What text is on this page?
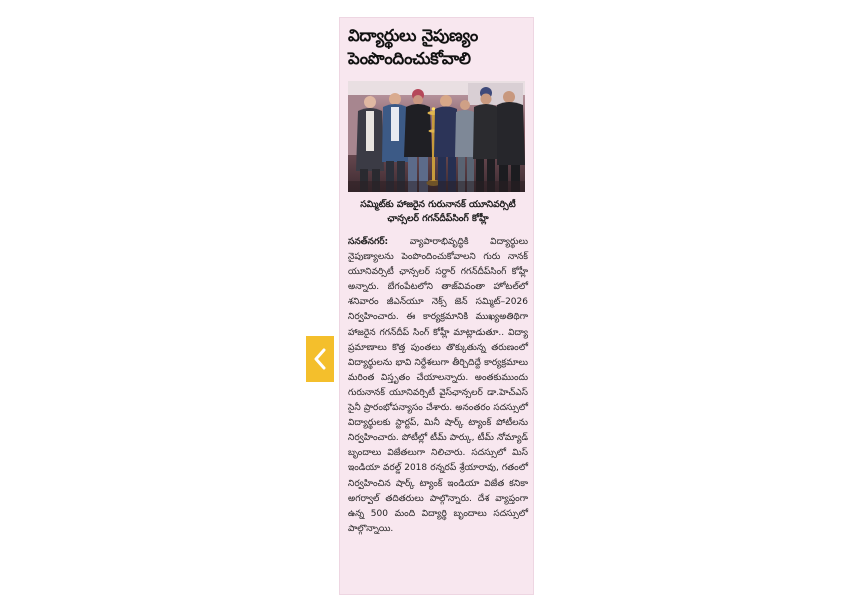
విద్యార్థులు నైపుణ్యం పెంపొందించుకోవాలి
సమ్మిట్‌కు హాజరైన గురునానక్ యూనివర్సిటీ ఛాన్సలర్ గగన్‌దీప్‌సింగ్ కోహ్లీ
సనత్‌నగర్: వ్యాపారాభివృద్ధికి విద్యార్థులు నైపుణ్యాలను పెంపొందించుకోవాలని గురు నానక్ యూనివర్సిటీ ఛాన్సలర్ సర్దార్ గగన్‌దీప్‌సింగ్ కోహ్లీ అన్నారు. బేగంపేటలోని తాజ్‌వివంతా హోటల్‌లో శనివారం జీఎన్‌యూ నెక్స్ జెన్ సమ్మిట్–2026 నిర్వహించారు. ఈ కార్యక్రమానికి ముఖ్యఅతిథిగా హాజరైన గగన్‌దీప్ సింగ్ కోహ్లీ మాట్లాడుతూ.. విద్యా ప్రమాణాలు కొత్త పుంతలు తొక్కుతున్న తరుణంలో విద్యార్థులను భావి నిర్దేశలుగా తీర్చిదిద్దే కార్యక్రమాలు మరింత విస్తృతం చేయాలన్నారు. అంతకుముందు గురునానక్ యూనివర్సిటీ వైస్‌ఛాన్సలర్ డా.హెచ్‌ఎస్ సైనీ ప్రారంభోపన్యాసం చేశారు. అనంతరం సదస్సులో విద్యార్థులకు స్టార్టప్, మినీ షార్క్ ట్యాంక్ పోటీలను నిర్వహించారు. పోటీల్లో టీమ్ పార్కు, టీమ్ నోమ్యాడ్ బృందాలు విజేతలుగా నిలిచారు. సదస్సులో మిస్ ఇండియా వరల్డ్ 2018 రన్నరప్ శ్రేయారావు, గతంలో నిర్వహించిన షార్క్ ట్యాంక్ ఇండియా విజేత కనికా అగర్వాల్ తదితరులు పాల్గొన్నారు. దేశ వ్యాప్తంగా ఉన్న 500 మంది విద్యార్థి బృందాలు సదస్సులో పాల్గొన్నాయి.
